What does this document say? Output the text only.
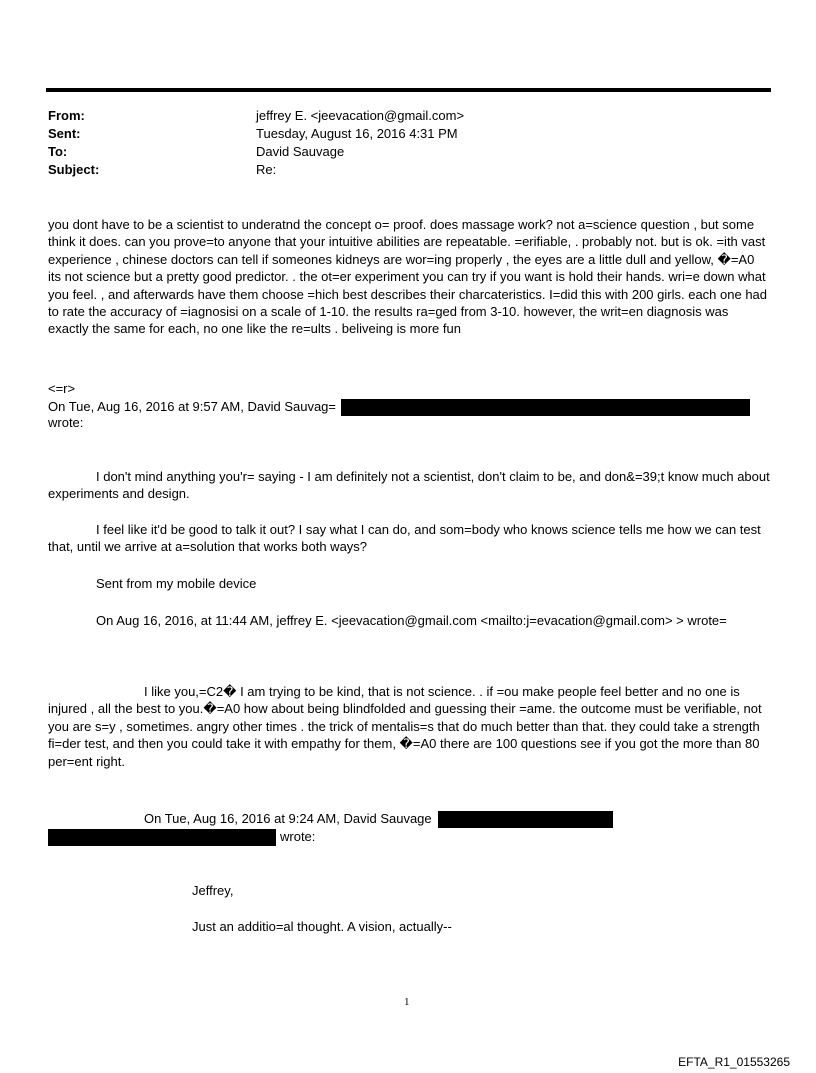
From:	jeffrey E. <jeevacation@gmail.com>
Sent:	Tuesday, August 16, 2016 4:31 PM
To:	David Sauvage
Subject:	Re:

you dont have to be a scientist to underatnd the concept o= proof. does massage work? not a=science question , but some think it does. can you prove=to anyone that your intuitive abilities are repeatable. =erifiable, . probably not. but is ok. =ith vast experience , chinese doctors can tell if someones kidneys are wor=ing properly , the eyes are a little dull and yellow, �=A0 its not science but a pretty good predictor. . the ot=er experiment you can try if you want is hold their hands. wri=e down what you feel. , and afterwards have them choose =hich best describes their charcateristics. I=did this with 200 girls. each one had to rate the accuracy of =iagnosisi on a scale of 1-10. the results ra=ged from 3-10. however, the writ=en diagnosis was exactly the same for each, no one like the re=ults . beliveing is more fun

<=r>
On Tue, Aug 16, 2016 at 9:57 AM, David Sauvag=
wrote:

I don't mind anything you'r= saying - I am definitely not a scientist, don't claim to be, and don&=39;t know much about experiments and design.

I feel like it'd be good to talk it out? I say what I can do, and som=body who knows science tells me how we can test that, until we arrive at a=solution that works both ways?

Sent from my mobile device
On Aug 16, 2016, at 11:44 AM, jeffrey E. <jeevacation@gmail.com <mailto:j=evacation@gmail.com> > wrote=

I like you,=C2� I am trying to be kind, that is not science. . if =ou make people feel better and no one is injured , all the best to you.�=A0 how about being blindfolded and guessing their =ame. the outcome must be verifiable, not you are s=y , sometimes. angry other times . the trick of mentalis=s that do much better than that. they could take a strength fi=der test, and then you could take it with empathy for them, �=A0 there are 100 questions see if you got the more than 80 per=ent right.

On Tue, Aug 16, 2016 at 9:24 AM, David Sauvage
wrote:
Jeffrey,
Just an additio=al thought. A vision, actually--
1
EFTA_R1_01553265
